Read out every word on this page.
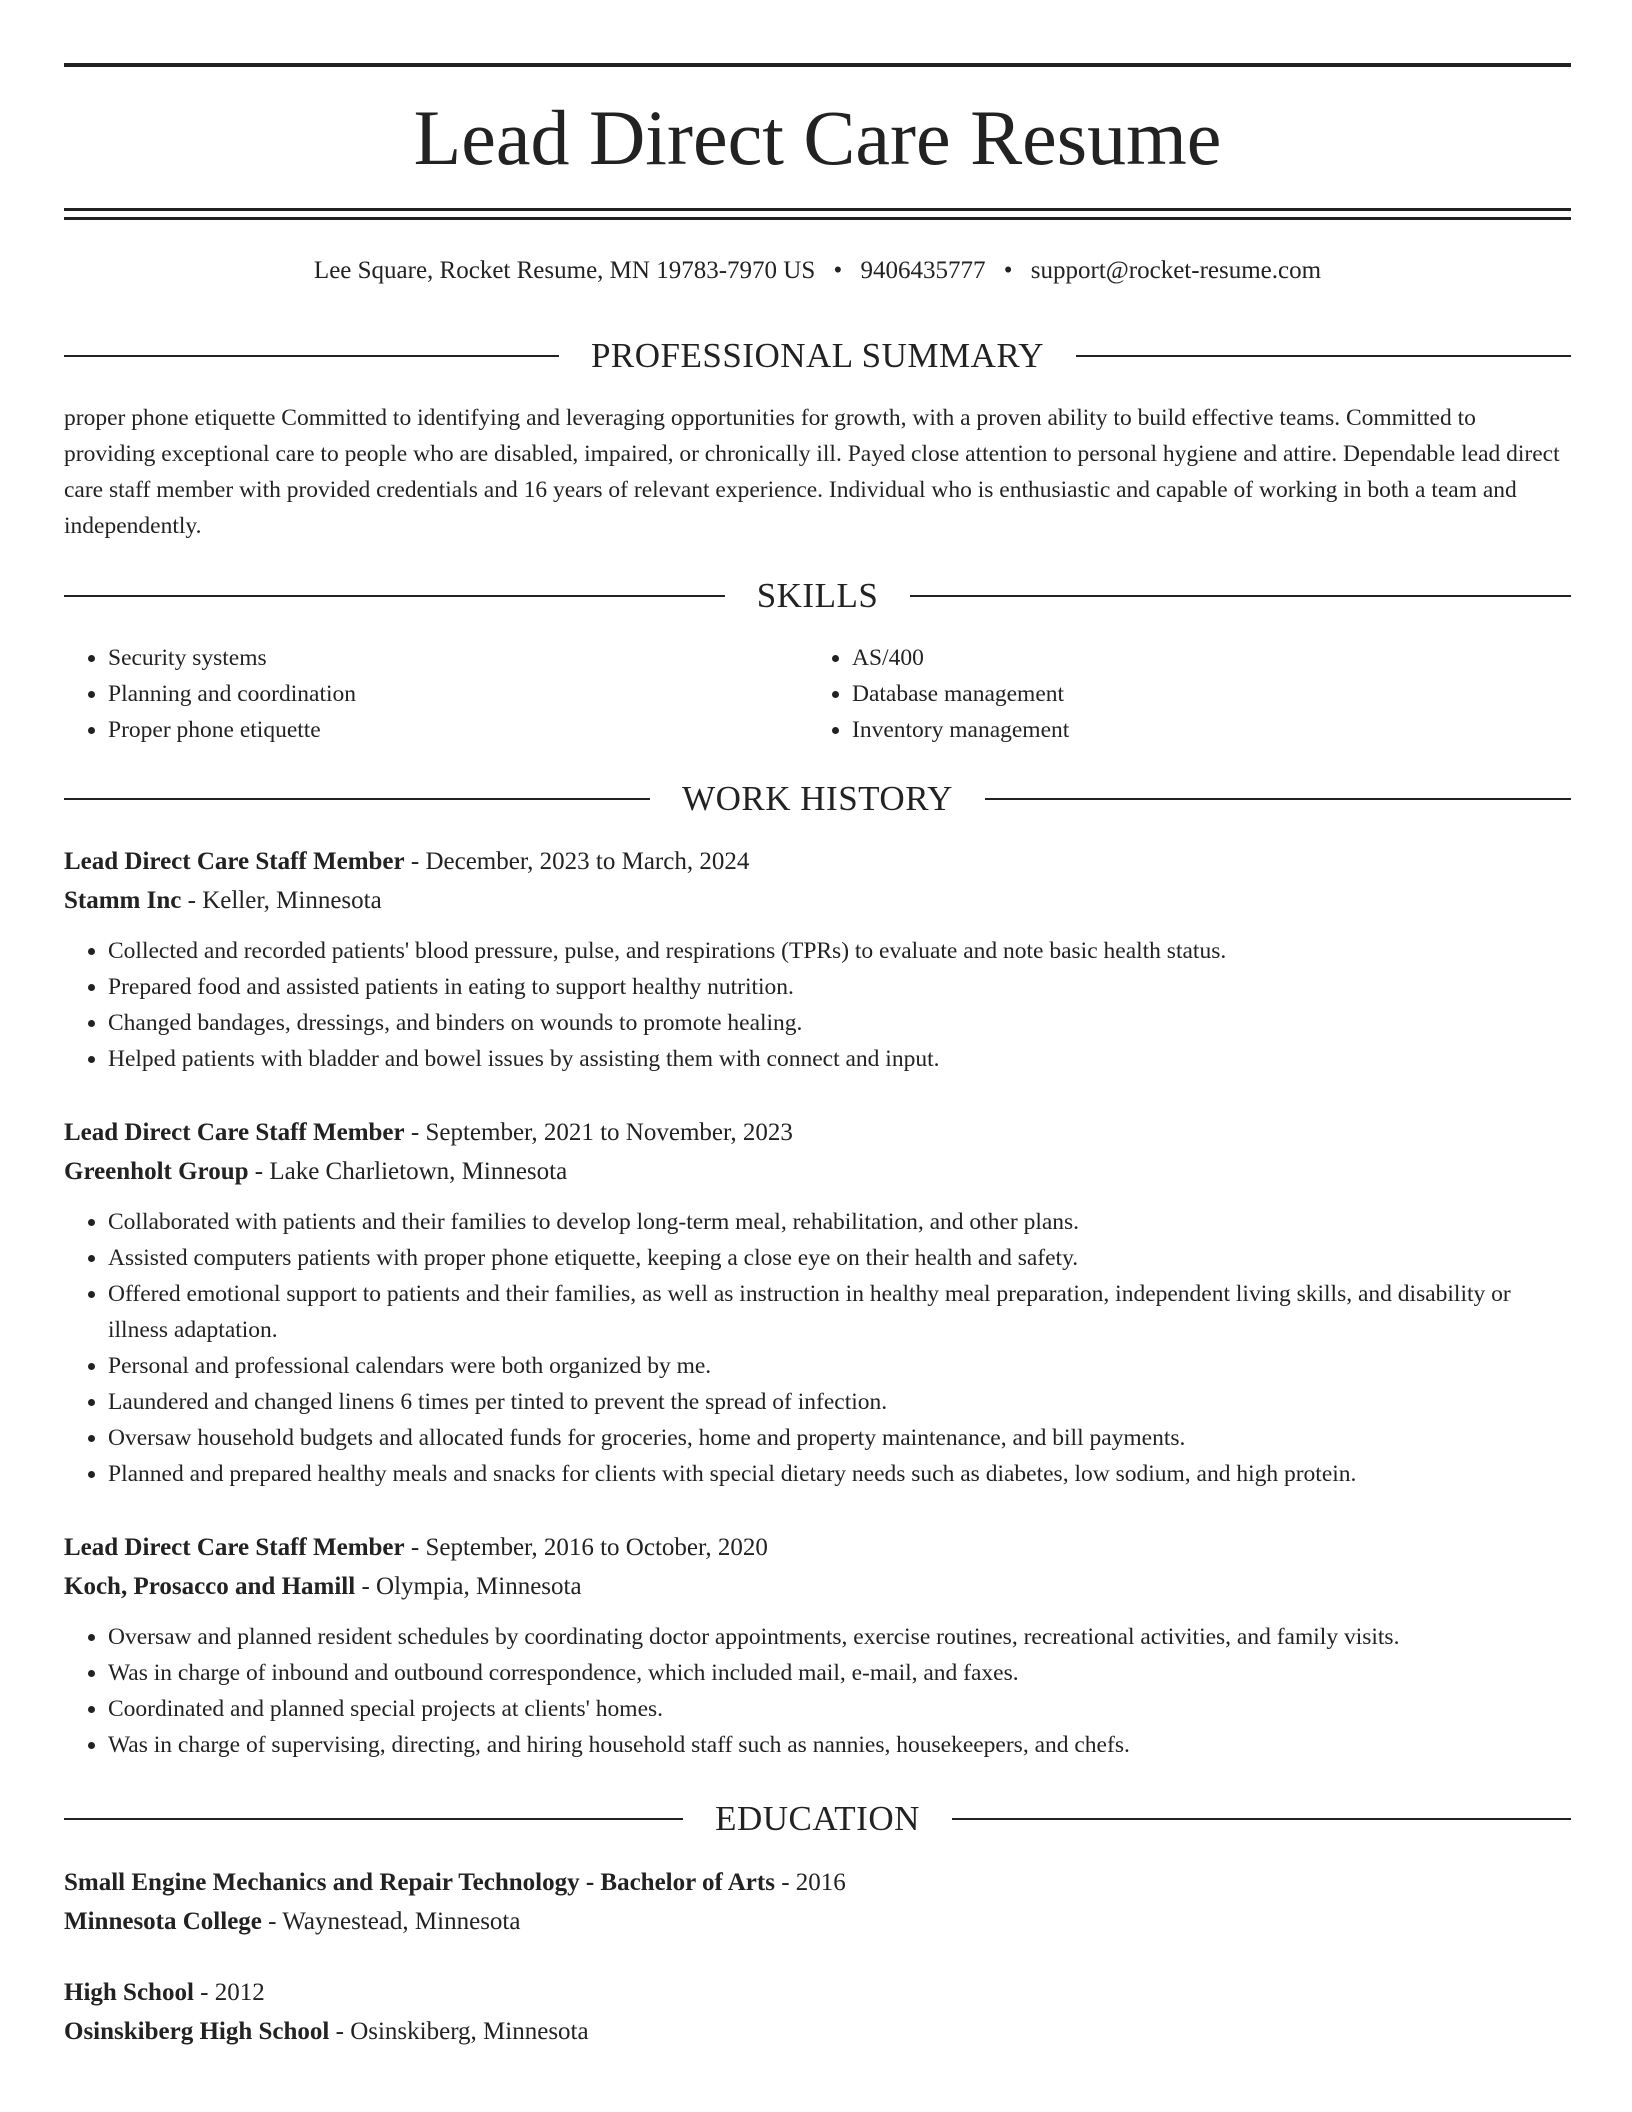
Lead Direct Care Resume
Lee Square, Rocket Resume, MN 19783-7970 US • 9406435777 • support@rocket-resume.com
PROFESSIONAL SUMMARY
proper phone etiquette Committed to identifying and leveraging opportunities for growth, with a proven ability to build effective teams. Committed to providing exceptional care to people who are disabled, impaired, or chronically ill. Payed close attention to personal hygiene and attire. Dependable lead direct care staff member with provided credentials and 16 years of relevant experience. Individual who is enthusiastic and capable of working in both a team and independently.
SKILLS
• Security systems
• Planning and coordination
• Proper phone etiquette
• AS/400
• Database management
• Inventory management
WORK HISTORY
Lead Direct Care Staff Member - December, 2023 to March, 2024
Stamm Inc - Keller, Minnesota
• Collected and recorded patients' blood pressure, pulse, and respirations (TPRs) to evaluate and note basic health status.
• Prepared food and assisted patients in eating to support healthy nutrition.
• Changed bandages, dressings, and binders on wounds to promote healing.
• Helped patients with bladder and bowel issues by assisting them with connect and input.
Lead Direct Care Staff Member - September, 2021 to November, 2023
Greenholt Group - Lake Charlietown, Minnesota
• Collaborated with patients and their families to develop long-term meal, rehabilitation, and other plans.
• Assisted computers patients with proper phone etiquette, keeping a close eye on their health and safety.
• Offered emotional support to patients and their families, as well as instruction in healthy meal preparation, independent living skills, and disability or illness adaptation.
• Personal and professional calendars were both organized by me.
• Laundered and changed linens 6 times per tinted to prevent the spread of infection.
• Oversaw household budgets and allocated funds for groceries, home and property maintenance, and bill payments.
• Planned and prepared healthy meals and snacks for clients with special dietary needs such as diabetes, low sodium, and high protein.
Lead Direct Care Staff Member - September, 2016 to October, 2020
Koch, Prosacco and Hamill - Olympia, Minnesota
• Oversaw and planned resident schedules by coordinating doctor appointments, exercise routines, recreational activities, and family visits.
• Was in charge of inbound and outbound correspondence, which included mail, e-mail, and faxes.
• Coordinated and planned special projects at clients' homes.
• Was in charge of supervising, directing, and hiring household staff such as nannies, housekeepers, and chefs.
EDUCATION
Small Engine Mechanics and Repair Technology - Bachelor of Arts - 2016
Minnesota College - Waynestead, Minnesota
High School - 2012
Osinskiberg High School - Osinskiberg, Minnesota
